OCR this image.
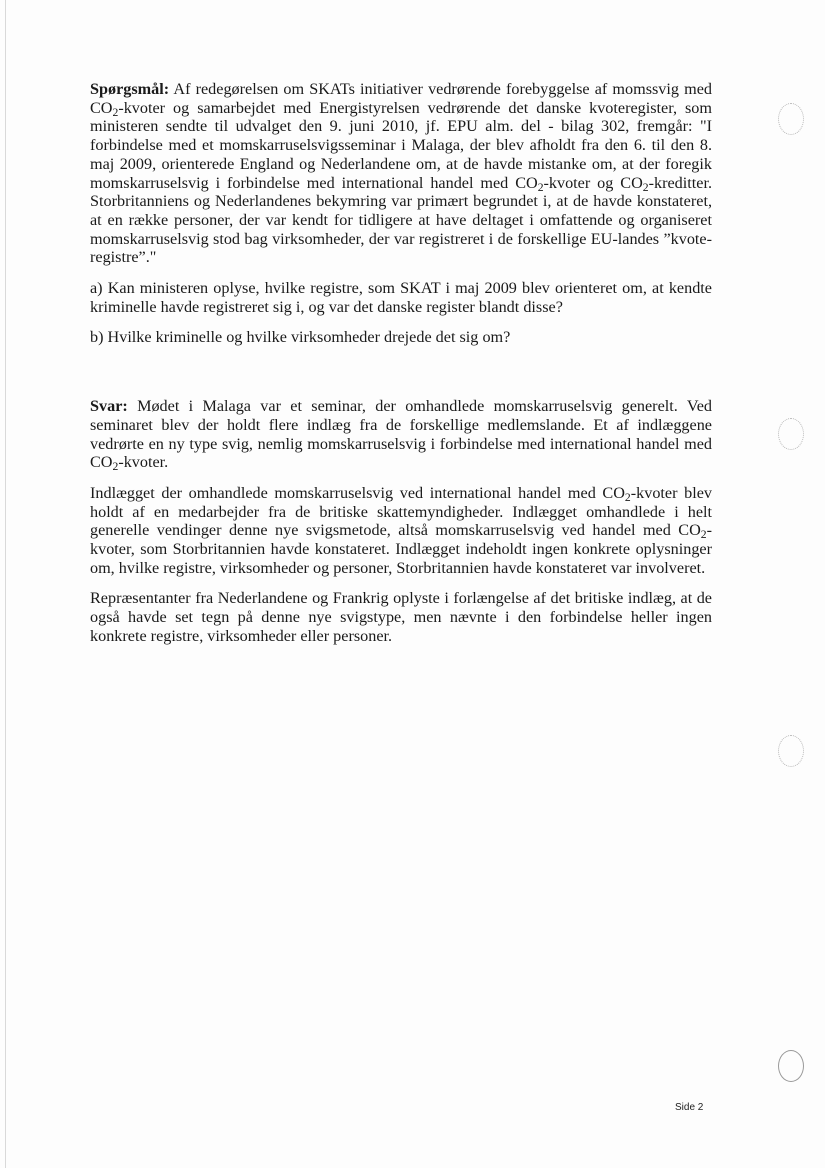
Spørgsmål: Af redegørelsen om SKATs initiativer vedrørende forebyggelse af momssvig med $CO_2$-kvoter og samarbejdet med Energistyrelsen vedrørende det danske kvoteregister, som ministeren sendte til udvalget den 9. juni 2010, jf. EPU alm. del - bilag 302, fremgår: "I forbindelse med et momskarruselsvigsseminar i Malaga, der blev afholdt fra den 6. til den 8. maj 2009, orienterede England og Nederlandene om, at de havde mistanke om, at der foregik momskarruselsvig i forbindelse med international handel med $CO_2$-kvoter og $CO_2$-kreditter. Storbritanniens og Nederlandenes bekymring var primært begrundet i, at de havde konstateret, at en række personer, der var kendt for tidligere at have deltaget i omfattende og organiseret momskarruselsvig stod bag virksomheder, der var registreret i de forskellige EU-landes ”kvote-registre”."

a) Kan ministeren oplyse, hvilke registre, som SKAT i maj 2009 blev orienteret om, at kendte kriminelle havde registreret sig i, og var det danske register blandt disse?

b) Hvilke kriminelle og hvilke virksomheder drejede det sig om?

Svar: Mødet i Malaga var et seminar, der omhandlede momskarruselsvig generelt. Ved seminaret blev der holdt flere indlæg fra de forskellige medlemslande. Et af indlæggene vedrørte en ny type svig, nemlig momskarruselsvig i forbindelse med international handel med $CO_2$-kvoter.

Indlægget der omhandlede momskarruselsvig ved international handel med $CO_2$-kvoter blev holdt af en medarbejder fra de britiske skattemyndigheder. Indlægget omhandlede i helt generelle vendinger denne nye svigsmetode, altså momskarruselsvig ved handel med $CO_2$-kvoter, som Storbritannien havde konstateret. Indlægget indeholdt ingen konkrete oplysninger om, hvilke registre, virksomheder og personer, Storbritannien havde konstateret var involveret.

Repræsentanter fra Nederlandene og Frankrig oplyste i forlængelse af det britiske indlæg, at de også havde set tegn på denne nye svigstype, men nævnte i den forbindelse heller ingen konkrete registre, virksomheder eller personer.

Side 2
